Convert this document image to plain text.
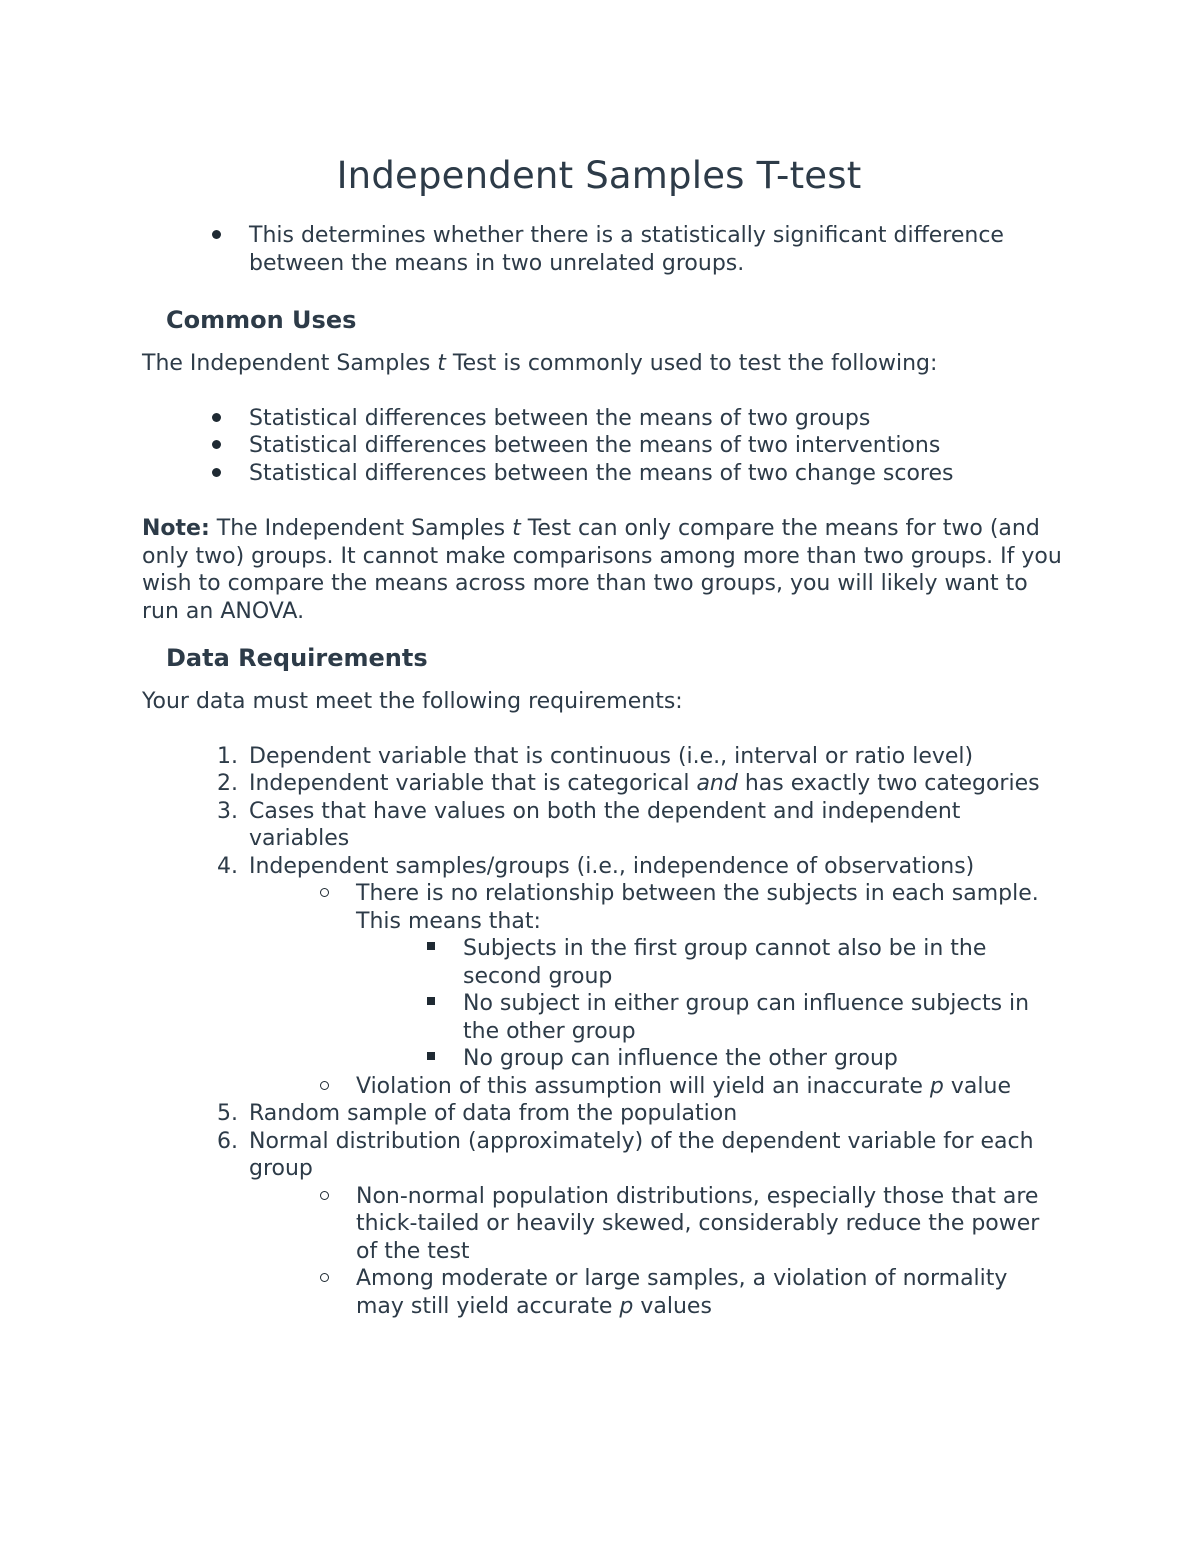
Independent Samples T-test
This determines whether there is a statistically significant difference between the means in two unrelated groups.
Common Uses

The Independent Samples t Test is commonly used to test the following:

Statistical differences between the means of two groups
Statistical differences between the means of two interventions
Statistical differences between the means of two change scores

Note: The Independent Samples t Test can only compare the means for two (and only two) groups. It cannot make comparisons among more than two groups. If you wish to compare the means across more than two groups, you will likely want to run an ANOVA.

Data Requirements

Your data must meet the following requirements:

1. Dependent variable that is continuous (i.e., interval or ratio level)
2. Independent variable that is categorical and has exactly two categories
3. Cases that have values on both the dependent and independent variables
4. Independent samples/groups (i.e., independence of observations)
There is no relationship between the subjects in each sample. This means that:
Subjects in the first group cannot also be in the second group
No subject in either group can influence subjects in the other group
No group can influence the other group
Violation of this assumption will yield an inaccurate p value
5. Random sample of data from the population
6. Normal distribution (approximately) of the dependent variable for each group
Non-normal population distributions, especially those that are thick-tailed or heavily skewed, considerably reduce the power of the test
Among moderate or large samples, a violation of normality may still yield accurate p values
